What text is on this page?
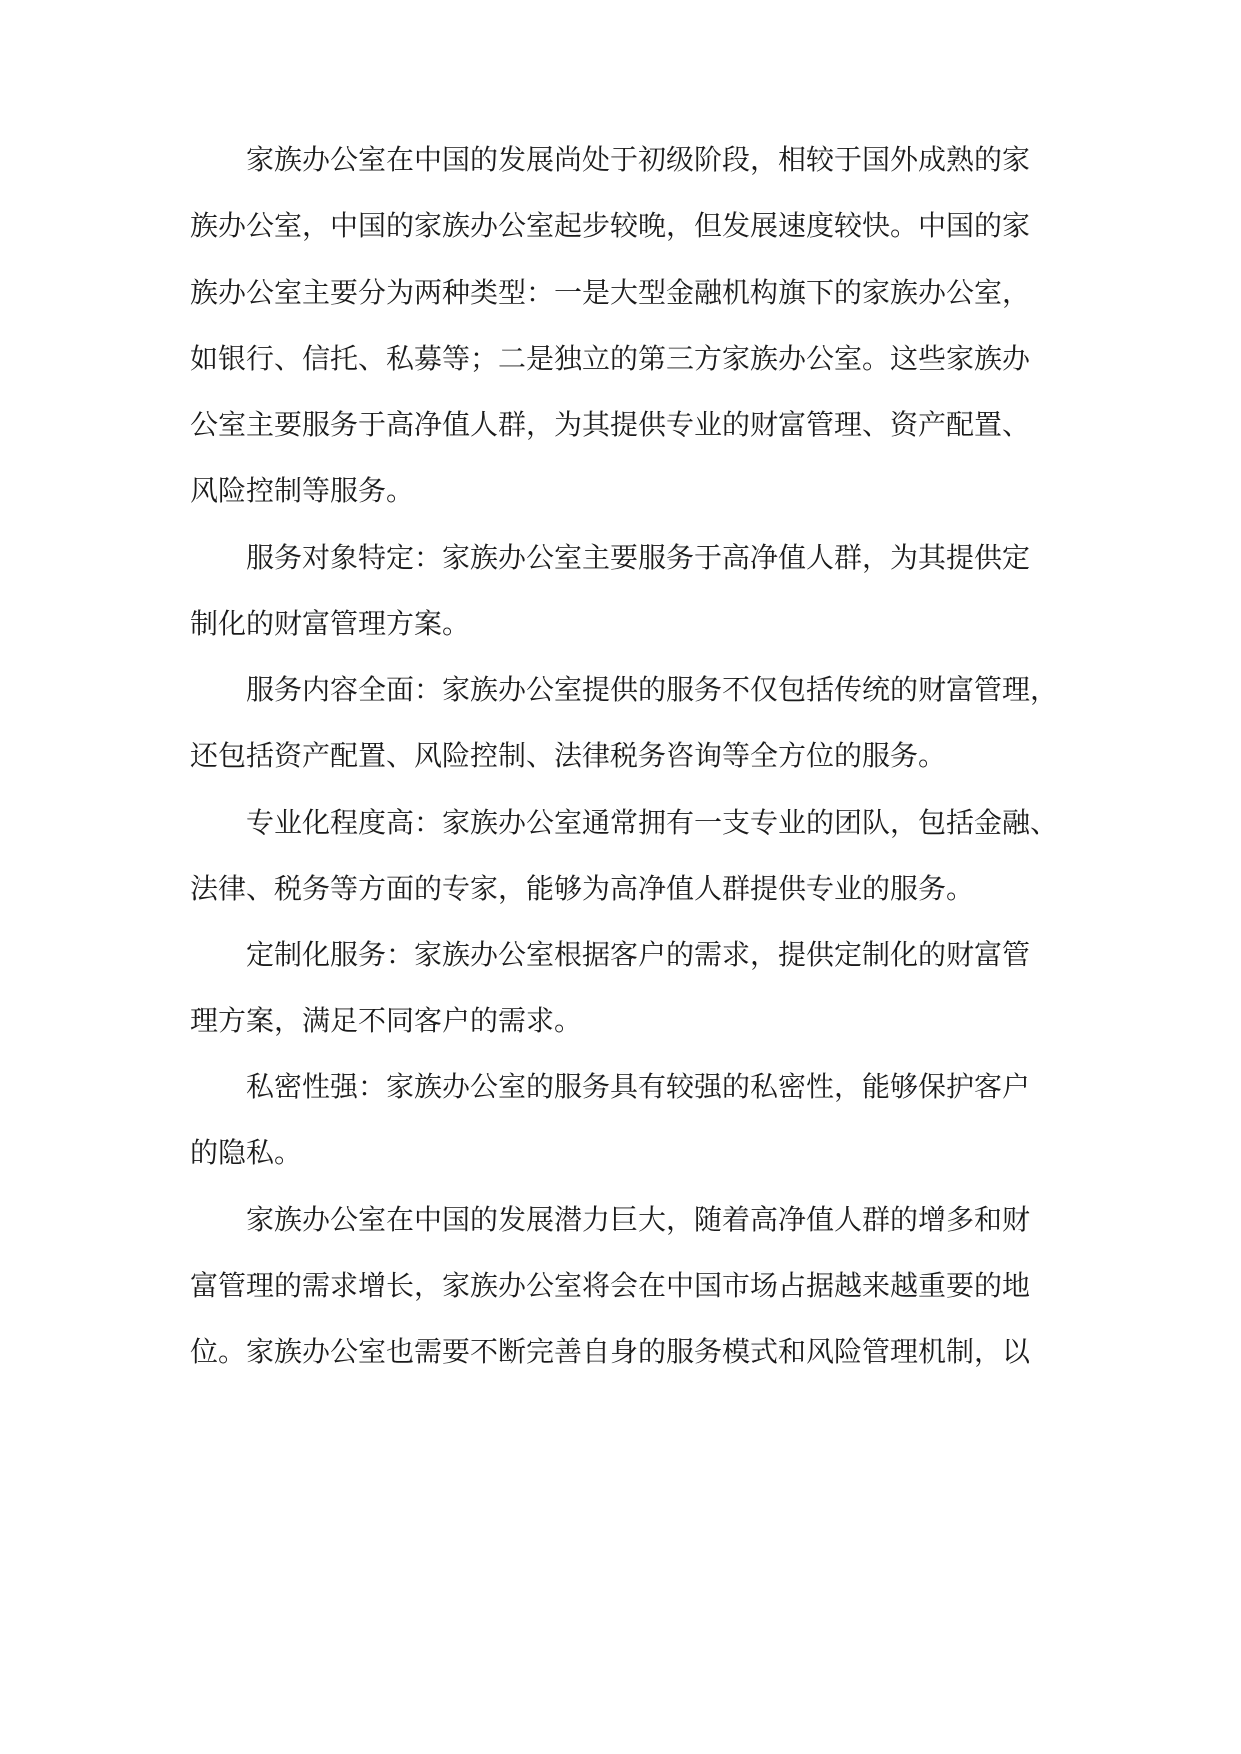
家族办公室在中国的发展尚处于初级阶段，相较于国外成熟的家
族办公室，中国的家族办公室起步较晚，但发展速度较快。中国的家
族办公室主要分为两种类型：一是大型金融机构旗下的家族办公室，
如银行、信托、私募等；二是独立的第三方家族办公室。这些家族办
公室主要服务于高净值人群，为其提供专业的财富管理、资产配置、
风险控制等服务。
服务对象特定：家族办公室主要服务于高净值人群，为其提供定
制化的财富管理方案。
服务内容全面：家族办公室提供的服务不仅包括传统的财富管理，
还包括资产配置、风险控制、法律税务咨询等全方位的服务。
专业化程度高：家族办公室通常拥有一支专业的团队，包括金融、
法律、税务等方面的专家，能够为高净值人群提供专业的服务。
定制化服务：家族办公室根据客户的需求，提供定制化的财富管
理方案，满足不同客户的需求。
私密性强：家族办公室的服务具有较强的私密性，能够保护客户
的隐私。
家族办公室在中国的发展潜力巨大，随着高净值人群的增多和财
富管理的需求增长，家族办公室将会在中国市场占据越来越重要的地
位。家族办公室也需要不断完善自身的服务模式和风险管理机制，以
